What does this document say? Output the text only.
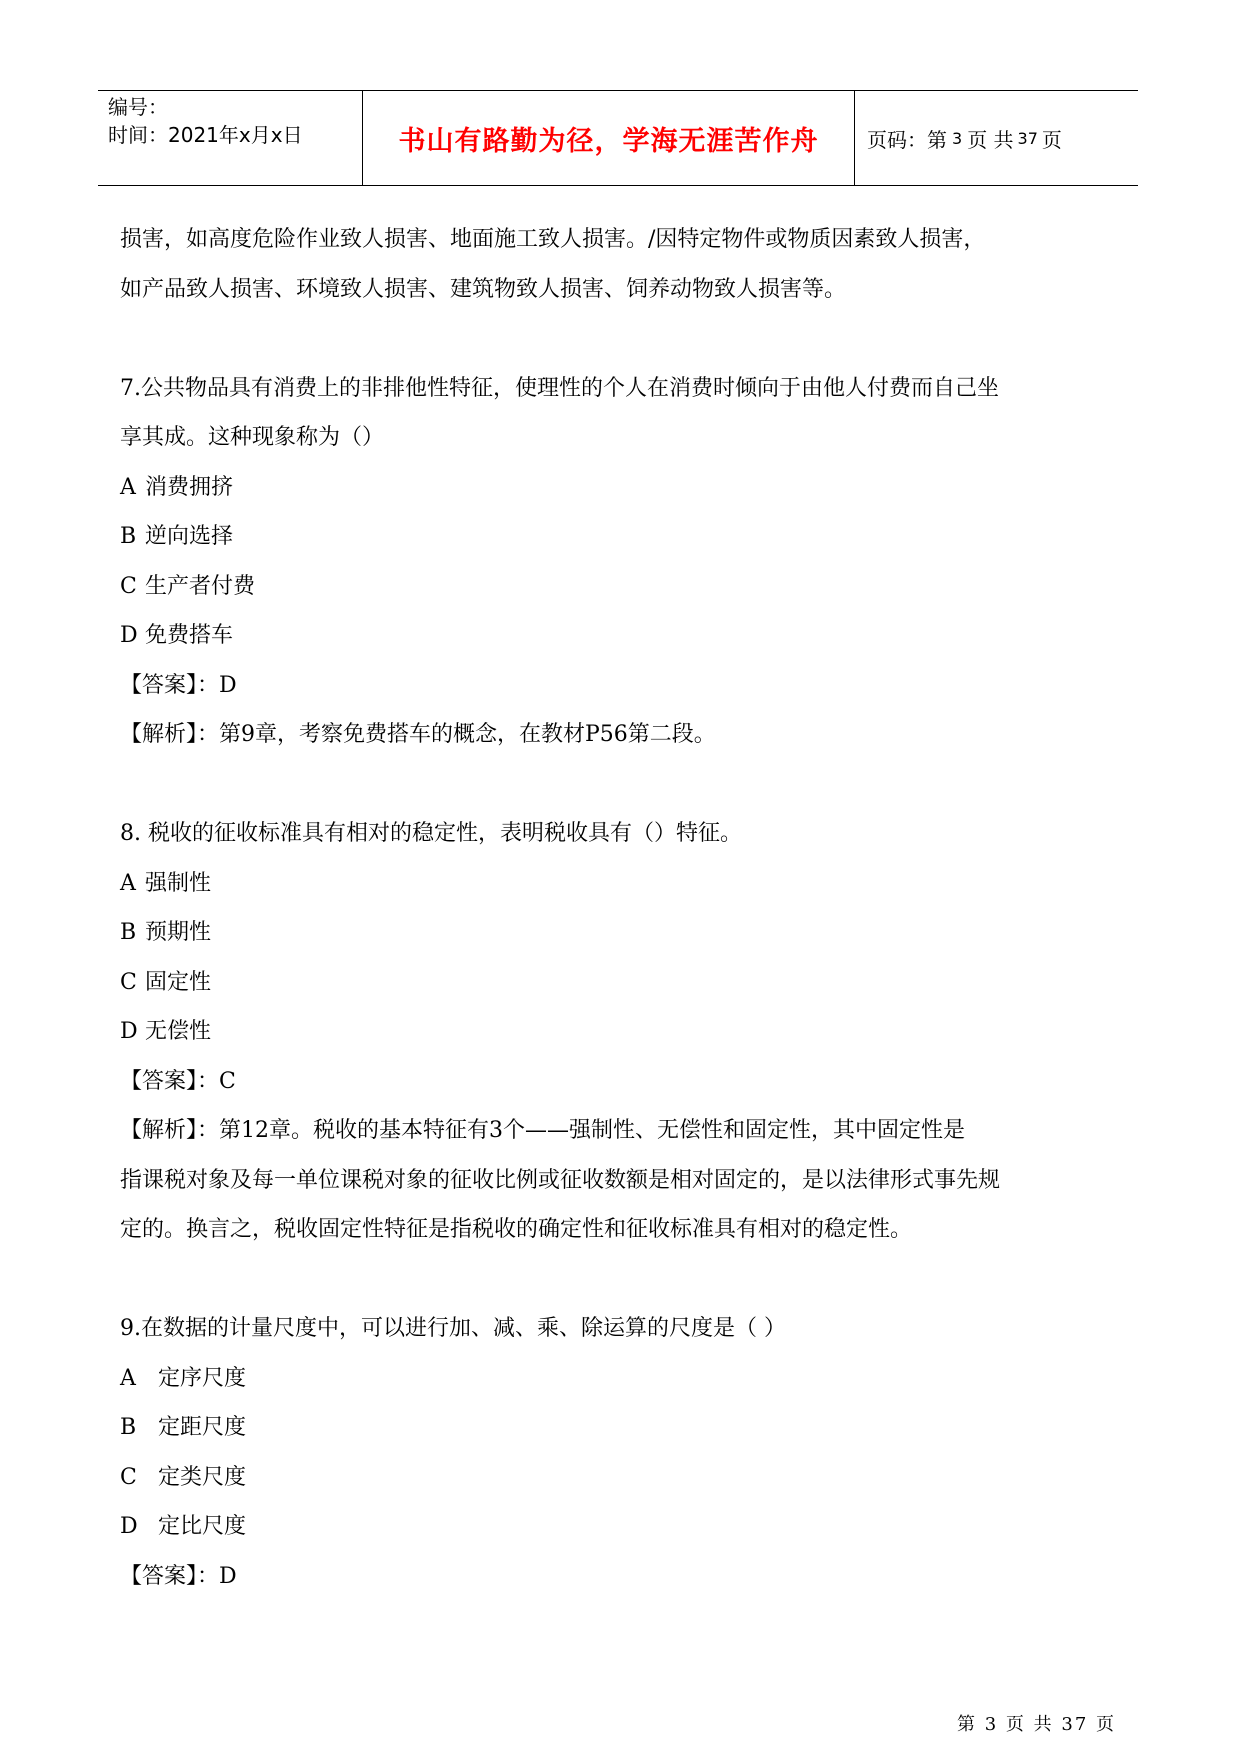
编号：
时间：2021年x月x日	书山有路勤为径，学海无涯苦作舟	页码：第 3 页 共 37 页
损害，如高度危险作业致人损害、地面施工致人损害。/因特定物件或物质因素致人损害，
如产品致人损害、环境致人损害、建筑物致人损害、饲养动物致人损害等。
7.公共物品具有消费上的非排他性特征，使理性的个人在消费时倾向于由他人付费而自己坐
享其成。这种现象称为（）
A 消费拥挤
B 逆向选择
C 生产者付费
D 免费搭车
【答案】：D
【解析】：第9章，考察免费搭车的概念，在教材P56第二段。
8. 税收的征收标准具有相对的稳定性，表明税收具有（）特征。
A 强制性
B 预期性
C 固定性
D 无偿性
【答案】：C
【解析】：第12章。税收的基本特征有3个——强制性、无偿性和固定性，其中固定性是
指课税对象及每一单位课税对象的征收比例或征收数额是相对固定的，是以法律形式事先规
定的。换言之，税收固定性特征是指税收的确定性和征收标准具有相对的稳定性。
9.在数据的计量尺度中，可以进行加、减、乘、除运算的尺度是（ ）
A 定序尺度
B 定距尺度
C 定类尺度
D 定比尺度
【答案】：D
第 3 页 共 37 页
